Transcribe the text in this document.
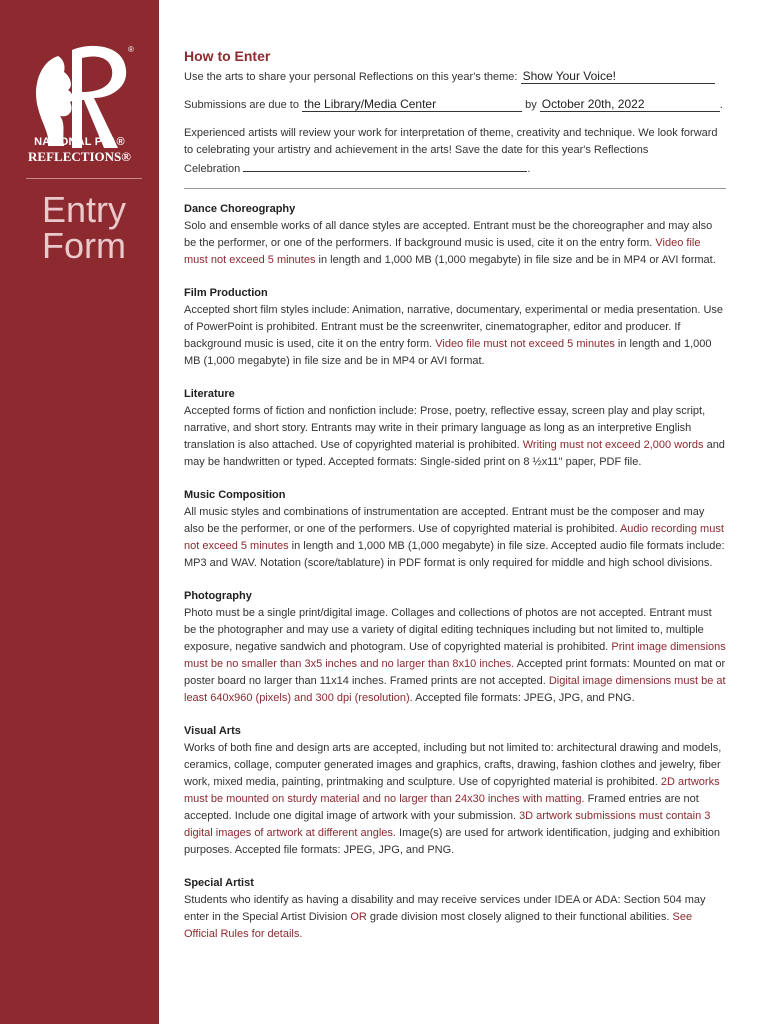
®
NATIONAL PTA®
REFLECTIONS®
Entry
Form
How to Enter
Use the arts to share your personal Reflections on this year's theme: Show Your Voice!
Submissions are due to the Library/Media Center	by October 20th, 2022	.

Experienced artists will review your work for interpretation of theme, creativity and technique. We look forward to celebrating your artistry and achievement in the arts! Save the date for this year's Reflections
Celebration	.

Dance Choreography

Solo and ensemble works of all dance styles are accepted. Entrant must be the choreographer and may also be the performer, or one of the performers. If background music is used, cite it on the entry form. Video file must not exceed 5 minutes in length and 1,000 MB (1,000 megabyte) in file size and be in MP4 or AVI format.

Film Production

Accepted short film styles include: Animation, narrative, documentary, experimental or media presentation. Use of PowerPoint is prohibited. Entrant must be the screenwriter, cinematographer, editor and producer. If background music is used, cite it on the entry form. Video file must not exceed 5 minutes in length and 1,000 MB (1,000 megabyte) in file size and be in MP4 or AVI format.

Literature

Accepted forms of fiction and nonfiction include: Prose, poetry, reflective essay, screen play and play script, narrative, and short story. Entrants may write in their primary language as long as an interpretive English translation is also attached. Use of copyrighted material is prohibited. Writing must not exceed 2,000 words and may be handwritten or typed. Accepted formats: Single-sided print on 8 ½x11" paper, PDF file.

Music Composition

All music styles and combinations of instrumentation are accepted. Entrant must be the composer and may also be the performer, or one of the performers. Use of copyrighted material is prohibited. Audio recording must not exceed 5 minutes in length and 1,000 MB (1,000 megabyte) in file size. Accepted audio file formats include: MP3 and WAV. Notation (score/tablature) in PDF format is only required for middle and high school divisions.

Photography

Photo must be a single print/digital image. Collages and collections of photos are not accepted. Entrant must be the photographer and may use a variety of digital editing techniques including but not limited to, multiple exposure, negative sandwich and photogram. Use of copyrighted material is prohibited. Print image dimensions must be no smaller than 3x5 inches and no larger than 8x10 inches. Accepted print formats: Mounted on mat or poster board no larger than 11x14 inches. Framed prints are not accepted. Digital image dimensions must be at least 640x960 (pixels) and 300 dpi (resolution). Accepted file formats: JPEG, JPG, and PNG.

Visual Arts

Works of both fine and design arts are accepted, including but not limited to: architectural drawing and models, ceramics, collage, computer generated images and graphics, crafts, drawing, fashion clothes and jewelry, fiber work, mixed media, painting, printmaking and sculpture. Use of copyrighted material is prohibited. 2D artworks must be mounted on sturdy material and no larger than 24x30 inches with matting. Framed entries are not accepted. Include one digital image of artwork with your submission. 3D artwork submissions must contain 3 digital images of artwork at different angles. Image(s) are used for artwork identification, judging and exhibition purposes. Accepted file formats: JPEG, JPG, and PNG.

Special Artist

Students who identify as having a disability and may receive services under IDEA or ADA: Section 504 may enter in the Special Artist Division OR grade division most closely aligned to their functional abilities. See Official Rules for details.
